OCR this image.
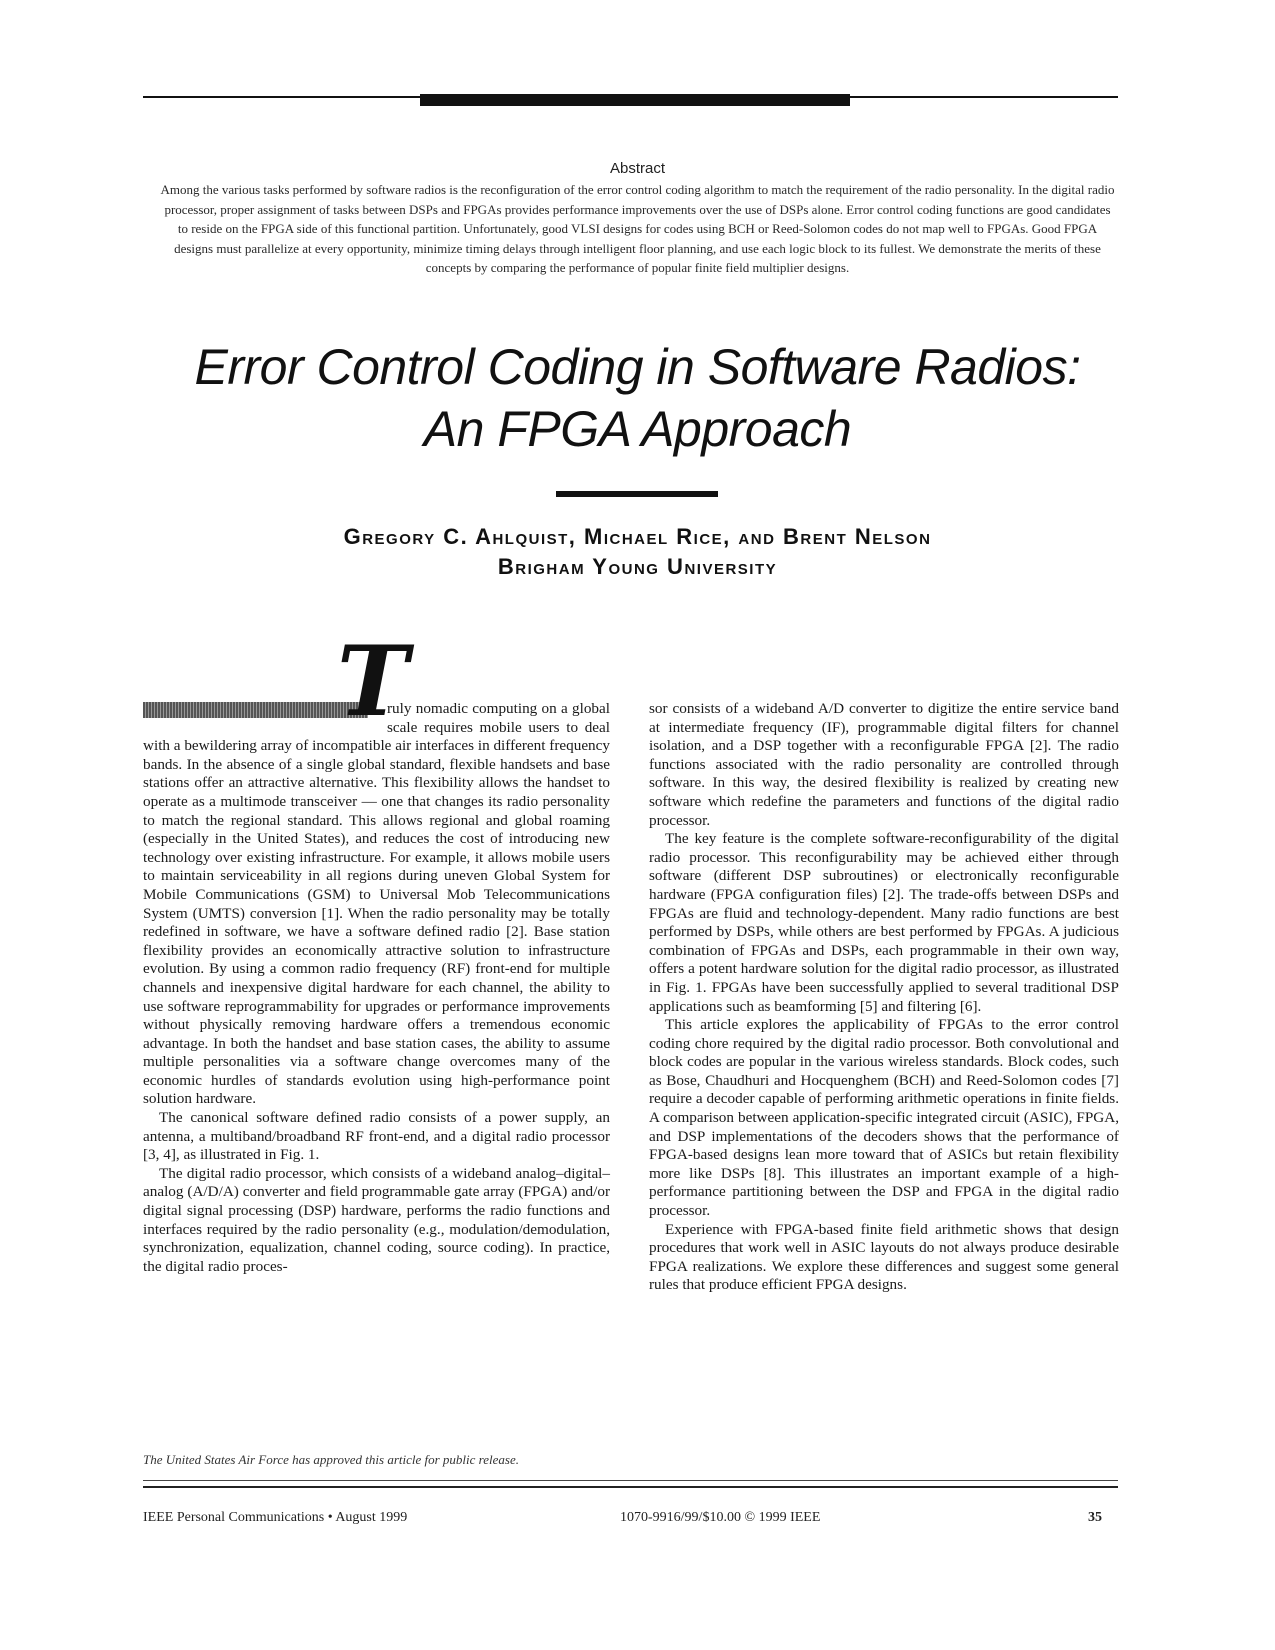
Abstract
Among the various tasks performed by software radios is the reconfiguration of the error control coding algorithm to match the requirement of the radio personality. In the digital radio processor, proper assignment of tasks between DSPs and FPGAs provides performance improvements over the use of DSPs alone. Error control coding functions are good candidates to reside on the FPGA side of this functional partition. Unfortunately, good VLSI designs for codes using BCH or Reed-Solomon codes do not map well to FPGAs. Good FPGA designs must parallelize at every opportunity, minimize timing delays through intelligent floor planning, and use each logic block to its fullest. We demonstrate the merits of these concepts by comparing the performance of popular finite field multiplier designs.
Error Control Coding in Software Radios:
An FPGA Approach
Gregory C. Ahlquist, Michael Rice, and Brent Nelson
Brigham Young University

T
ruly nomadic computing on a global scale requires mobile users to deal with a bewildering array of incompatible air interfaces in different frequency bands. In the absence of a single global standard, flexible handsets and base stations offer an attractive alternative. This flexibility allows the handset to operate as a multimode transceiver — one that changes its radio personality to match the regional standard. This allows regional and global roaming (especially in the United States), and reduces the cost of introducing new technology over existing infrastructure. For example, it allows mobile users to maintain serviceability in all regions during uneven Global System for Mobile Communications (GSM) to Universal Mob Telecommunications System (UMTS) conversion [1]. When the radio personality may be totally redefined in software, we have a software defined radio [2]. Base station flexibility provides an economically attractive solution to infrastructure evolution. By using a common radio frequency (RF) front-end for multiple channels and inexpensive digital hardware for each channel, the ability to use software reprogrammability for upgrades or performance improvements without physically removing hardware offers a tremendous economic advantage. In both the handset and base station cases, the ability to assume multiple personalities via a software change overcomes many of the economic hurdles of standards evolution using high-performance point solution hardware.

The canonical software defined radio consists of a power supply, an antenna, a multiband/broadband RF front-end, and a digital radio processor [3, 4], as illustrated in Fig. 1.

The digital radio processor, which consists of a wideband analog–digital–analog (A/D/A) converter and field programmable gate array (FPGA) and/or digital signal processing (DSP) hardware, performs the radio functions and interfaces required by the radio personality (e.g., modulation/demodulation, synchronization, equalization, channel coding, source coding). In practice, the digital radio proces-

sor consists of a wideband A/D converter to digitize the entire service band at intermediate frequency (IF), programmable digital filters for channel isolation, and a DSP together with a reconfigurable FPGA [2]. The radio functions associated with the radio personality are controlled through software. In this way, the desired flexibility is realized by creating new software which redefine the parameters and functions of the digital radio processor.

The key feature is the complete software-reconfigurability of the digital radio processor. This reconfigurability may be achieved either through software (different DSP subroutines) or electronically reconfigurable hardware (FPGA configuration files) [2]. The trade-offs between DSPs and FPGAs are fluid and technology-dependent. Many radio functions are best performed by DSPs, while others are best performed by FPGAs. A judicious combination of FPGAs and DSPs, each programmable in their own way, offers a potent hardware solution for the digital radio processor, as illustrated in Fig. 1. FPGAs have been successfully applied to several traditional DSP applications such as beamforming [5] and filtering [6].

This article explores the applicability of FPGAs to the error control coding chore required by the digital radio processor. Both convolutional and block codes are popular in the various wireless standards. Block codes, such as Bose, Chaudhuri and Hocquenghem (BCH) and Reed-Solomon codes [7] require a decoder capable of performing arithmetic operations in finite fields. A comparison between application-specific integrated circuit (ASIC), FPGA, and DSP implementations of the decoders shows that the performance of FPGA-based designs lean more toward that of ASICs but retain flexibility more like DSPs [8]. This illustrates an important example of a high-performance partitioning between the DSP and FPGA in the digital radio processor.

Experience with FPGA-based finite field arithmetic shows that design procedures that work well in ASIC layouts do not always produce desirable FPGA realizations. We explore these differences and suggest some general rules that produce efficient FPGA designs.

The United States Air Force has approved this article for public release.
IEEE Personal Communications • August 1999	1070-9916/99/$10.00 © 1999 IEEE	35
